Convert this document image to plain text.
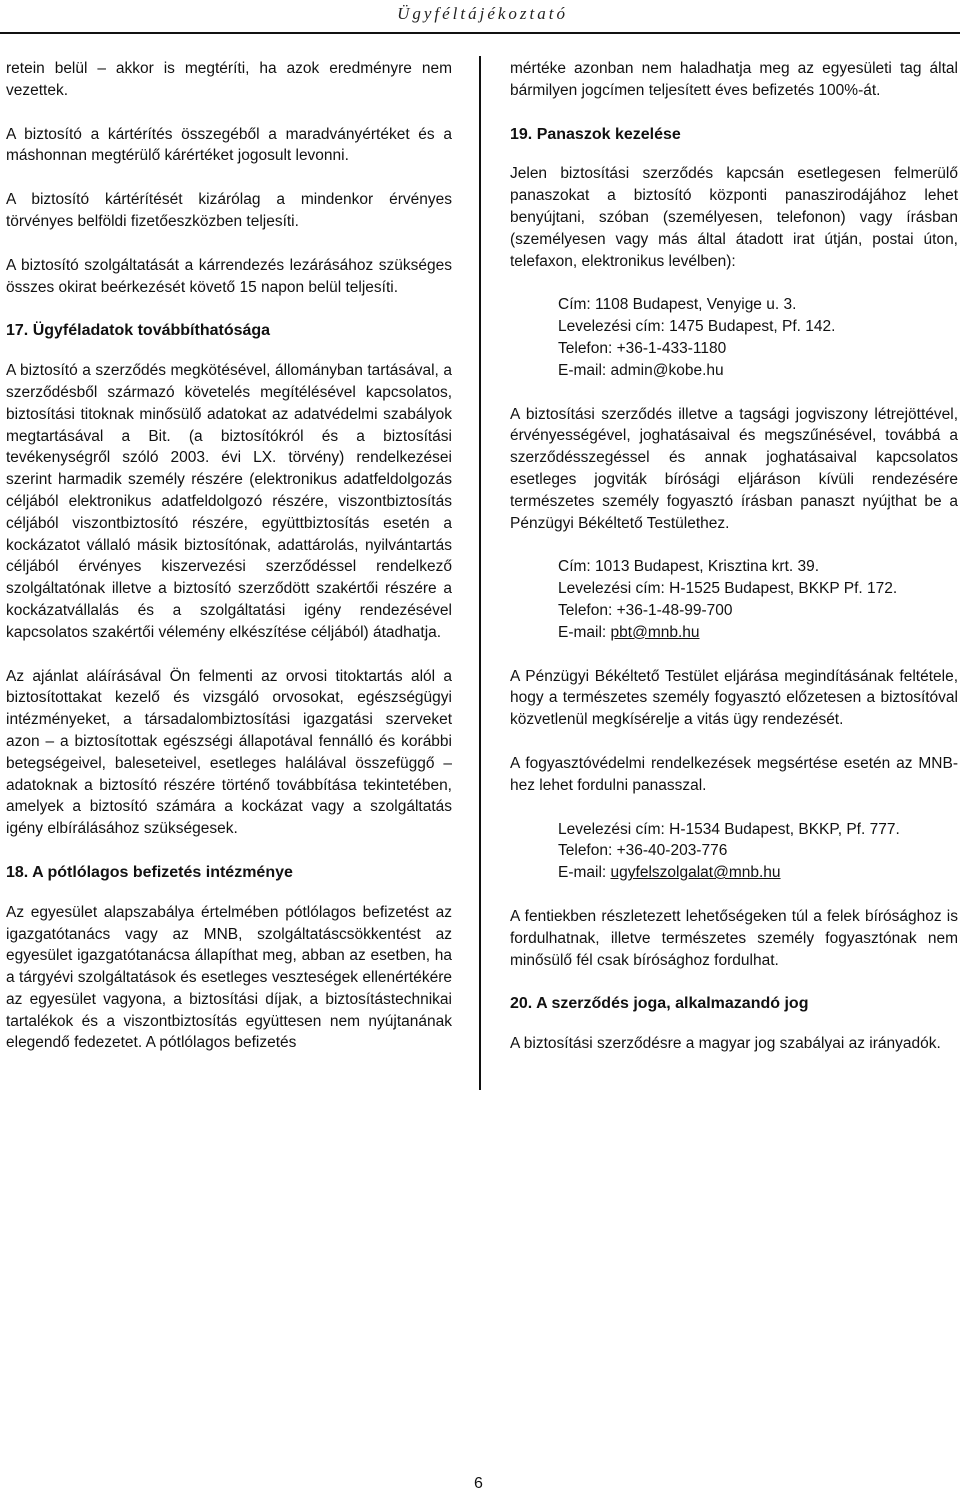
Ügyféltájékoztató

retein belül – akkor is megtéríti, ha azok eredményre nem vezettek.

A biztosító a kártérítés összegéből a maradványértéket és a máshonnan megtérülő kárértéket jogosult levonni.

A biztosító kártérítését kizárólag a mindenkor érvényes törvényes belföldi fizetőeszközben teljesíti.

A biztosító szolgáltatását a kárrendezés lezárásához szükséges összes okirat beérkezését követő 15 napon belül teljesíti.

17. Ügyféladatok továbbíthatósága

A biztosító a szerződés megkötésével, állományban tartásával, a szerződésből származó követelés megítélésével kapcsolatos, biztosítási titoknak minősülő adatokat az adatvédelmi szabályok megtartásával a Bit. (a biztosítókról és a biztosítási tevékenységről szóló 2003. évi LX. törvény) rendelkezései szerint harmadik személy részére (elektronikus adatfeldolgozás céljából elektronikus adatfeldolgozó részére, viszontbiztosítás céljából viszontbiztosító részére, együttbiztosítás esetén a kockázatot vállaló másik biztosítónak, adattárolás, nyilvántartás céljából érvényes kiszervezési szerződéssel rendelkező szolgáltatónak illetve a biztosító szerződött szakértői részére a kockázatvállalás és a szolgáltatási igény rendezésével kapcsolatos szakértői vélemény elkészítése céljából) átadhatja.

Az ajánlat aláírásával Ön felmenti az orvosi titoktartás alól a biztosítottakat kezelő és vizsgáló orvosokat, egészségügyi intézményeket, a társadalombiztosítási igazgatási szerveket azon – a biztosítottak egészségi állapotával fennálló és korábbi betegségeivel, baleseteivel, esetleges halálával összefüggő – adatoknak a biztosító részére történő továbbítása tekintetében, amelyek a biztosító számára a kockázat vagy a szolgáltatás igény elbírálásához szükségesek.

18. A pótlólagos befizetés intézménye

Az egyesület alapszabálya értelmében pótlólagos befizetést az igazgatótanács vagy az MNB, szolgáltatáscsökkentést az egyesület igazgatótanácsa állapíthat meg, abban az esetben, ha a tárgyévi szolgáltatások és esetleges veszteségek ellenértékére az egyesület vagyona, a biztosítási díjak, a biztosítástechnikai tartalékok és a viszontbiztosítás együttesen nem nyújtanának elegendő fedezetet. A pótlólagos befizetés

mértéke azonban nem haladhatja meg az egyesületi tag által bármilyen jogcímen teljesített éves befizetés 100%-át.

19. Panaszok kezelése

Jelen biztosítási szerződés kapcsán esetlegesen felmerülő panaszokat a biztosító központi panaszirodájához lehet benyújtani, szóban (személyesen, telefonon) vagy írásban (személyesen vagy más által átadott irat útján, postai úton, telefaxon, elektronikus levélben):

Cím: 1108 Budapest, Venyige u. 3.
Levelezési cím: 1475 Budapest, Pf. 142.
Telefon: +36-1-433-1180
E-mail: admin@kobe.hu

A biztosítási szerződés illetve a tagsági jogviszony létrejöttével, érvényességével, joghatásaival és megszűnésével, továbbá a szerződésszegéssel és annak joghatásaival kapcsolatos esetleges jogviták bírósági eljáráson kívüli rendezésére természetes személy fogyasztó írásban panaszt nyújthat be a Pénzügyi Békéltető Testülethez.

Cím: 1013 Budapest, Krisztina krt. 39.
Levelezési cím: H-1525 Budapest, BKKP Pf. 172.
Telefon: +36-1-48-99-700
E-mail: pbt@mnb.hu

A Pénzügyi Békéltető Testület eljárása megindításának feltétele, hogy a természetes személy fogyasztó előzetesen a biztosítóval közvetlenül megkísérelje a vitás ügy rendezését.

A fogyasztóvédelmi rendelkezések megsértése esetén az MNB-hez lehet fordulni panasszal.

Levelezési cím: H-1534 Budapest, BKKP, Pf. 777.
Telefon: +36-40-203-776
E-mail: ugyfelszolgalat@mnb.hu

A fentiekben részletezett lehetőségeken túl a felek bírósághoz is fordulhatnak, illetve természetes személy fogyasztónak nem minősülő fél csak bírósághoz fordulhat.

20. A szerződés joga, alkalmazandó jog

A biztosítási szerződésre a magyar jog szabályai az irányadók.

6
